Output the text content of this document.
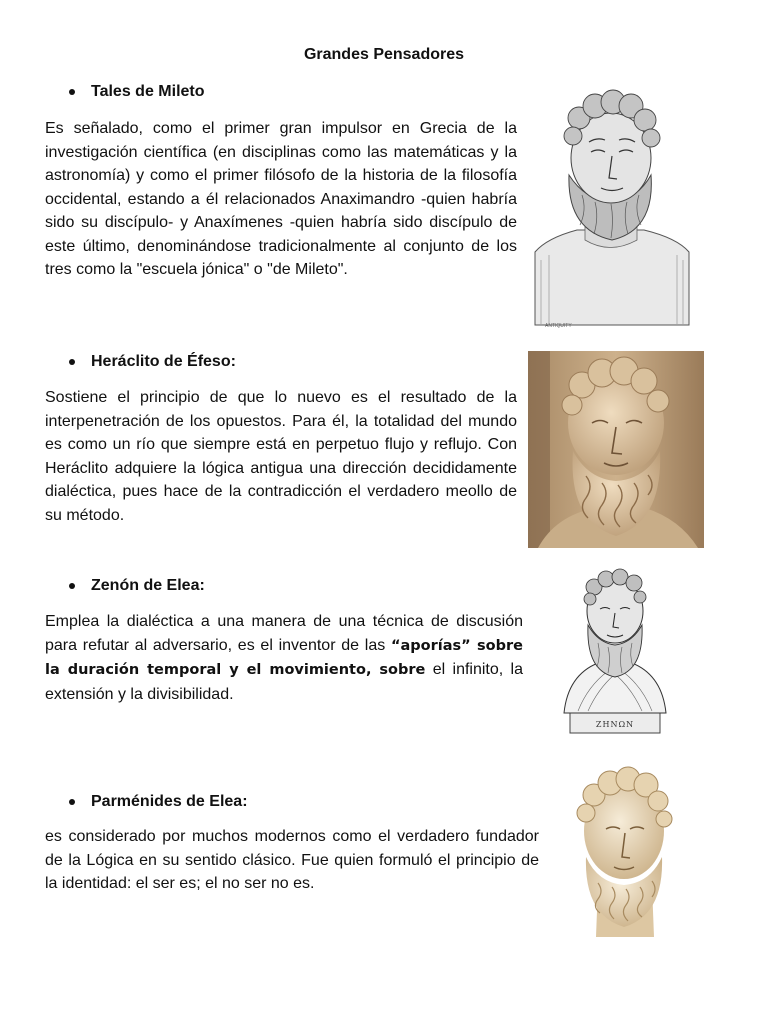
Grandes Pensadores
Tales de Mileto

Es señalado, como el primer gran impulsor en Grecia de la investigación científica (en disciplinas como las matemáticas y la astronomía) y como el primer filósofo de la historia de la filosofía occidental, estando a él relacionados Anaximandro -quien habría sido su discípulo- y Anaxímenes -quien habría sido discípulo de este último, denominándose tradicionalmente al conjunto de los tres como la "escuela jónica" o "de Mileto".

ANTIQUITY
Heráclito de Éfeso:

Sostiene el principio de que lo nuevo es el resultado de la interpenetración de los opuestos. Para él, la totalidad del mundo es como un río que siempre está en perpetuo flujo y reflujo. Con Heráclito adquiere la lógica antigua una dirección decididamente dialéctica, pues hace de la contradicción el verdadero meollo de su método.

Zenón de Elea:

Emplea la dialéctica a una manera de una técnica de discusión para refutar al adversario, es el inventor de las “aporías” sobre la duración temporal y el movimiento, sobre el infinito, la extensión y la divisibilidad.

ZHNΩN
Parménides de Elea:

es considerado por muchos modernos como el verdadero fundador de la Lógica en su sentido clásico. Fue quien formuló el principio de la identidad: el ser es; el no ser no es.
